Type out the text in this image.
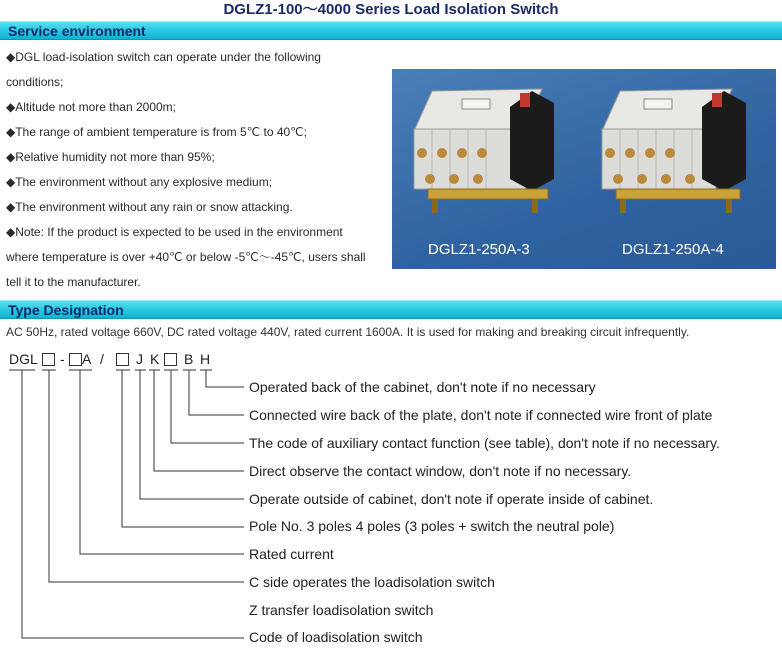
DGLZ1-100～4000 Series Load Isolation Switch
Service environment
◆DGL load-isolation switch can operate under the following
conditions;
◆Altitude not more than 2000m;
◆The range of ambient temperature is from 5℃ to 40℃;
◆Relative humidity not more than 95%;
◆The environment without any explosive medium;
◆The environment without any rain or snow attacking.
◆Note: If the product is expected to be used in the environment
where temperature is over +40℃ or below -5℃～-45℃, users shall
tell it to the manufacturer.
DGLZ1-250A-3	DGLZ1-250A-4
Type Designation
AC 50Hz, rated voltage 660V, DC rated voltage 440V, rated current 1600A. It is used for making and breaking circuit infrequently.
DGL - A / J K B H
Operated back of the cabinet, don't note if no necessary
Connected wire back of the plate, don't note if connected wire front of plate
The code of auxiliary contact function (see table), don't note if no necessary.
Direct observe the contact window, don't note if no necessary.
Operate outside of cabinet, don't note if operate inside of cabinet.
Pole No. 3 poles 4 poles (3 poles + switch the neutral pole)
Rated current
C side operates the loadisolation switch
Z transfer loadisolation switch
Code of loadisolation switch
